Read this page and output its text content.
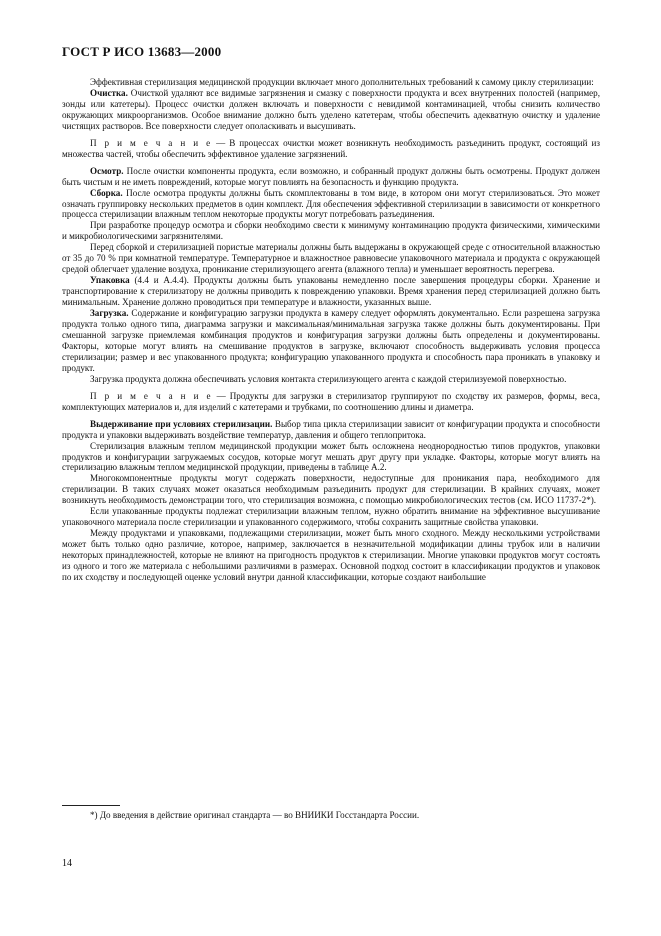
ГОСТ Р ИСО 13683—2000

Эффективная стерилизация медицинской продукции включает много дополнительных требований к самому циклу стерилизации:

Очистка. Очисткой удаляют все видимые загрязнения и смазку с поверхности продукта и всех внутренних полостей (например, зонды или катетеры). Процесс очистки должен включать и поверхности с невидимой контаминацией, чтобы снизить количество окружающих микроорганизмов. Особое внимание должно быть уделено катетерам, чтобы обеспечить адекватную очистку и удаление чистящих растворов. Все поверхности следует ополаскивать и высушивать.

П р и м е ч а н и е — В процессах очистки может возникнуть необходимость разъединить продукт, состоящий из множества частей, чтобы обеспечить эффективное удаление загрязнений.

Осмотр. После очистки компоненты продукта, если возможно, и собранный продукт должны быть осмотрены. Продукт должен быть чистым и не иметь повреждений, которые могут повлиять на безопасность и функцию продукта.

Сборка. После осмотра продукты должны быть скомплектованы в том виде, в котором они могут стерилизоваться. Это может означать группировку нескольких предметов в один комплект. Для обеспечения эффективной стерилизации в зависимости от конкретного процесса стерилизации влажным теплом некоторые продукты могут потребовать разъединения.

При разработке процедур осмотра и сборки необходимо свести к минимуму контаминацию продукта физическими, химическими и микробиологическими загрязнителями.

Перед сборкой и стерилизацией пористые материалы должны быть выдержаны в окружающей среде с относительной влажностью от 35 до 70 % при комнатной температуре. Температурное и влажностное равновесие упаковочного материала и продукта с окружающей средой облегчает удаление воздуха, проникание стерилизующего агента (влажного тепла) и уменьшает вероятность перегрева.

Упаковка (4.4 и А.4.4). Продукты должны быть упакованы немедленно после завершения процедуры сборки. Хранение и транспортирование к стерилизатору не должны приводить к повреждению упаковки. Время хранения перед стерилизацией должно быть минимальным. Хранение должно проводиться при температуре и влажности, указанных выше.

Загрузка. Содержание и конфигурацию загрузки продукта в камеру следует оформлять документально. Если разрешена загрузка продукта только одного типа, диаграмма загрузки и максимальная/минимальная загрузка также должны быть документированы. При смешанной загрузке приемлемая комбинация продуктов и конфигурация загрузки должны быть определены и документированы. Факторы, которые могут влиять на смешивание продуктов в загрузке, включают способность выдерживать условия процесса стерилизации; размер и вес упакованного продукта; конфигурацию упакованного продукта и способность пара проникать в упаковку и продукт.

Загрузка продукта должна обеспечивать условия контакта стерилизующего агента с каждой стерилизуемой поверхностью.

П р и м е ч а н и е — Продукты для загрузки в стерилизатор группируют по сходству их размеров, формы, веса, комплектующих материалов и, для изделий с катетерами и трубками, по соотношению длины и диаметра.

Выдерживание при условиях стерилизации. Выбор типа цикла стерилизации зависит от конфигурации продукта и способности продукта и упаковки выдерживать воздействие температур, давления и общего теплопритока.

Стерилизация влажным теплом медицинской продукции может быть осложнена неоднородностью типов продуктов, упаковки продуктов и конфигурации загружаемых сосудов, которые могут мешать друг другу при укладке. Факторы, которые могут влиять на стерилизацию влажным теплом медицинской продукции, приведены в таблице А.2.

Многокомпонентные продукты могут содержать поверхности, недоступные для проникания пара, необходимого для стерилизации. В таких случаях может оказаться необходимым разъединить продукт для стерилизации. В крайних случаях, может возникнуть необходимость демонстрации того, что стерилизация возможна, с помощью микробиологических тестов (см. ИСО 11737-2*).

Если упакованные продукты подлежат стерилизации влажным теплом, нужно обратить внимание на эффективное высушивание упаковочного материала после стерилизации и упакованного содержимого, чтобы сохранить защитные свойства упаковки.

Между продуктами и упаковками, подлежащими стерилизации, может быть много сходного. Между несколькими устройствами может быть только одно различие, которое, например, заключается в незначительной модификации длины трубок или в наличии некоторых принадлежностей, которые не влияют на пригодность продуктов к стерилизации. Многие упаковки продуктов могут состоять из одного и того же материала с небольшими различиями в размерах. Основной подход состоит в классификации продуктов и упаковок по их сходству и последующей оценке условий внутри данной классификации, которые создают наибольшие

*) До введения в действие оригинал стандарта — во ВНИИКИ Госстандарта России.
14
